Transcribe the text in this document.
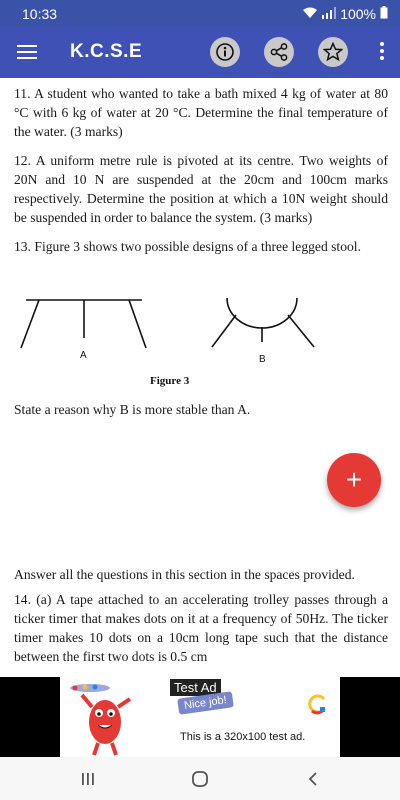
10:33	100%
K.C.S.E

11. A student who wanted to take a bath mixed 4 kg of water at 80 °C with 6 kg of water at 20 °C. Determine the final temperature of the water. (3 marks)

12. A uniform metre rule is pivoted at its centre. Two weights of 20N and 10 N are suspended at the 20cm and 100cm marks respectively. Determine the position at which a 10N weight should be suspended in order to balance the system. (3 marks)

13. Figure 3 shows two possible designs of a three legged stool.

A	B
Figure 3
State a reason why B is more stable than A.

Answer all the questions in this section in the spaces provided.

14. (a) A tape attached to an accelerating trolley passes through a ticker timer that makes dots on it at a frequency of 50Hz. The ticker timer makes 10 dots on a 10cm long tape such that the distance between the first two dots is 0.5 cm

+
Test Ad
Nice job!
This is a 320x100 test ad.
